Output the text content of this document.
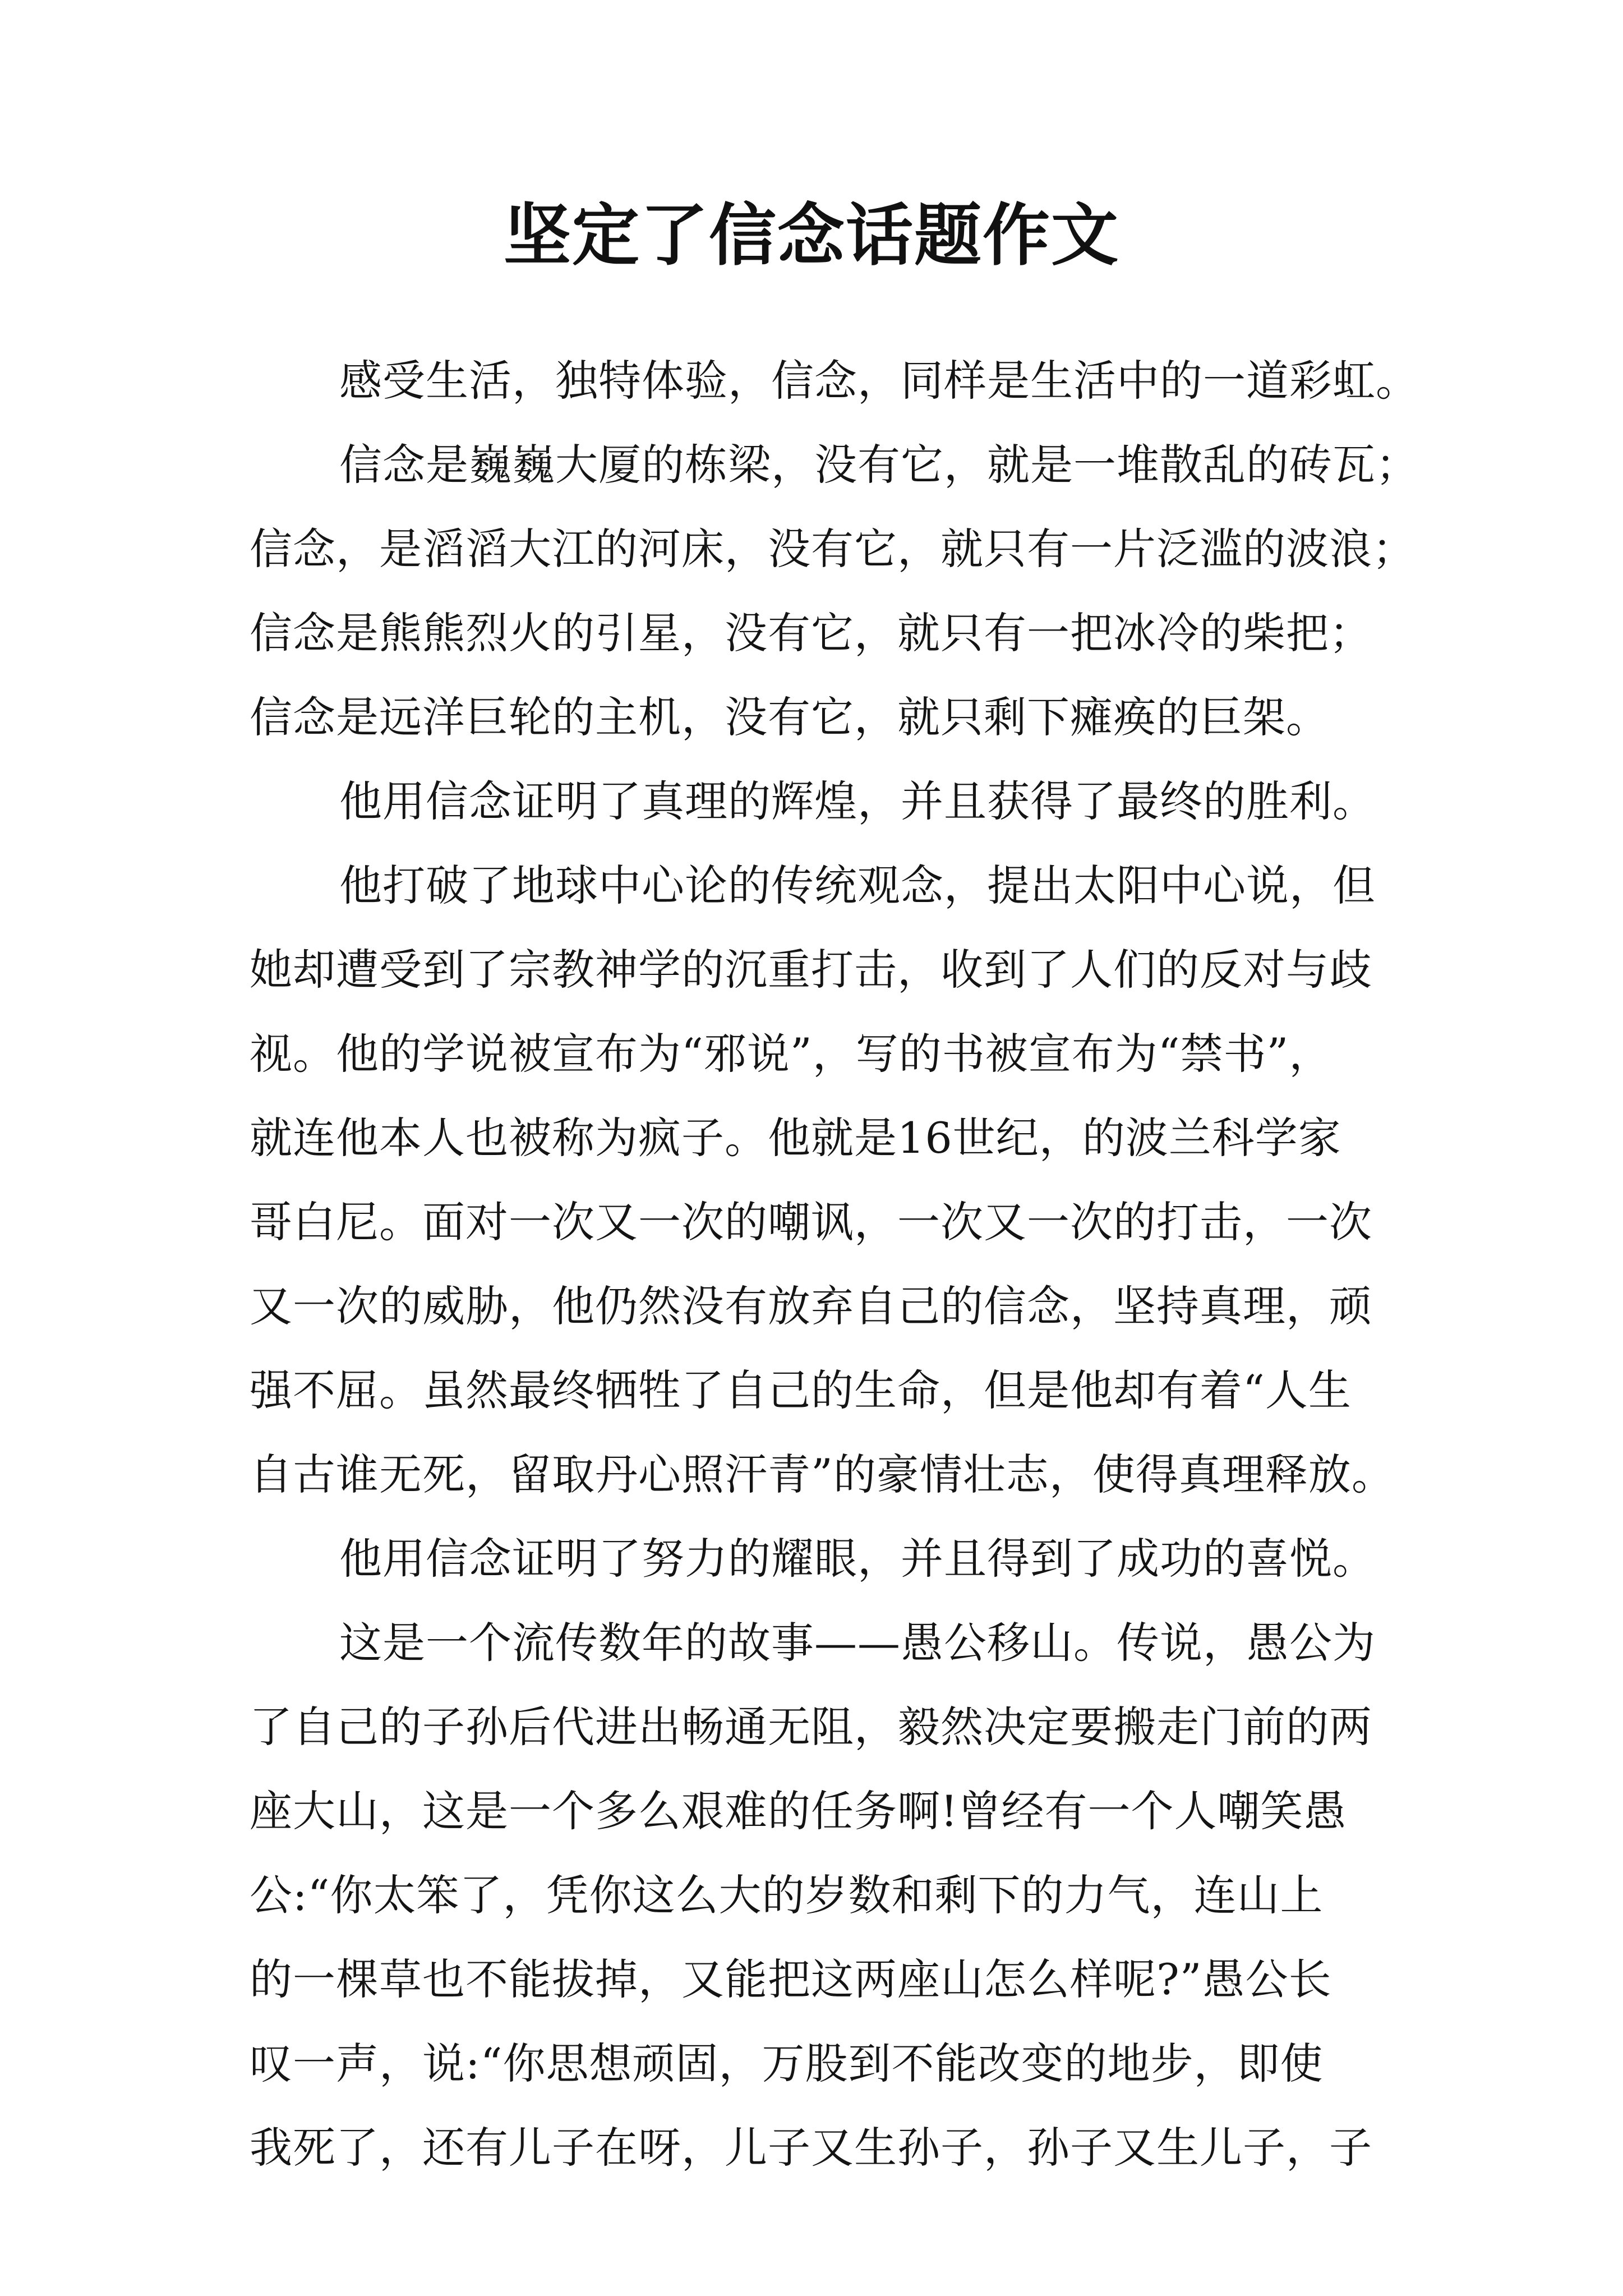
坚定了信念话题作文
感受生活，独特体验，信念，同样是生活中的一道彩虹。
信念是巍巍大厦的栋梁，没有它，就是一堆散乱的砖瓦；
信念，是滔滔大江的河床，没有它，就只有一片泛滥的波浪；
信念是熊熊烈火的引星，没有它，就只有一把冰冷的柴把；
信念是远洋巨轮的主机，没有它，就只剩下瘫痪的巨架。
他用信念证明了真理的辉煌，并且获得了最终的胜利。
他打破了地球中心论的传统观念，提出太阳中心说，但
她却遭受到了宗教神学的沉重打击，收到了人们的反对与歧
视。他的学说被宣布为“邪说”，写的书被宣布为“禁书”，
就连他本人也被称为疯子。他就是16世纪，的波兰科学家
哥白尼。面对一次又一次的嘲讽，一次又一次的打击，一次
又一次的威胁，他仍然没有放弃自己的信念，坚持真理，顽
强不屈。虽然最终牺牲了自己的生命，但是他却有着“人生
自古谁无死，留取丹心照汗青”的豪情壮志，使得真理释放。
他用信念证明了努力的耀眼，并且得到了成功的喜悦。
这是一个流传数年的故事——愚公移山。传说，愚公为
了自己的子孙后代进出畅通无阻，毅然决定要搬走门前的两
座大山，这是一个多么艰难的任务啊!曾经有一个人嘲笑愚
公:“你太笨了，凭你这么大的岁数和剩下的力气，连山上
的一棵草也不能拔掉，又能把这两座山怎么样呢?”愚公长
叹一声，说:“你思想顽固，万股到不能改变的地步，即使
我死了，还有儿子在呀，儿子又生孙子，孙子又生儿子，子
